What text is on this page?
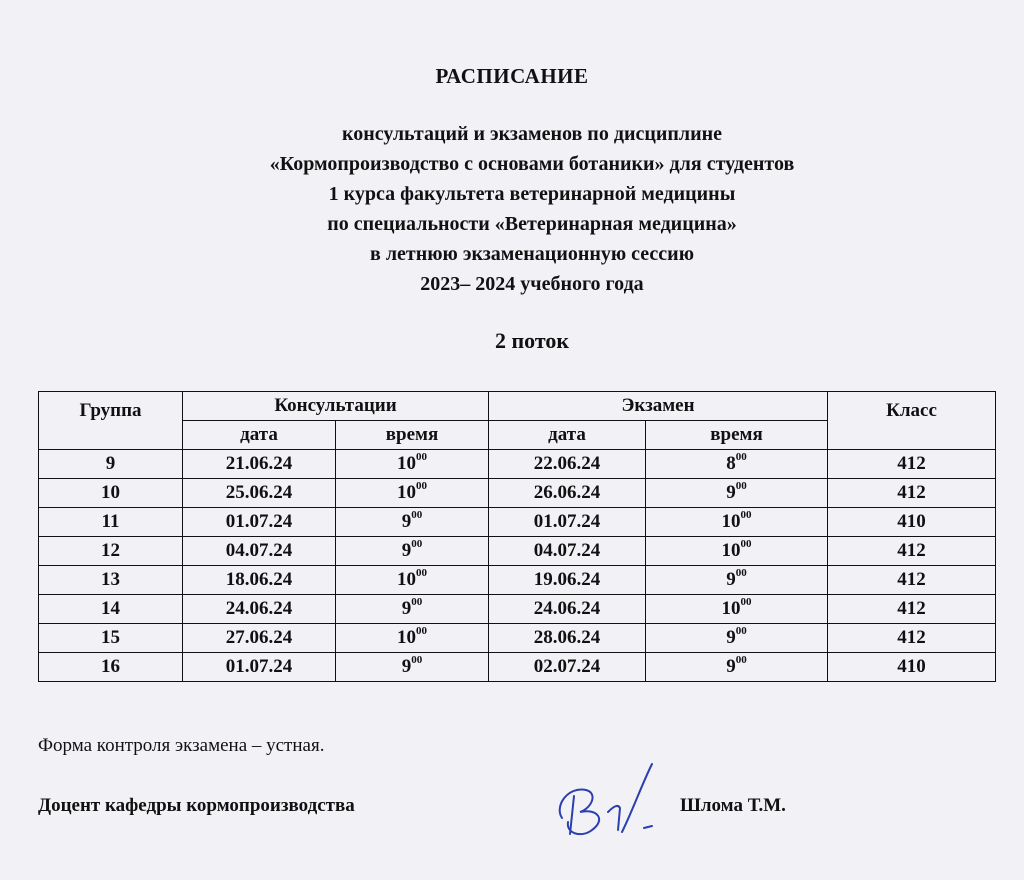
РАСПИСАНИЕ
консультаций и экзаменов по дисциплине
«Кормопроизводство с основами ботаники» для студентов
1 курса факультета ветеринарной медицины
по специальности «Ветеринарная медицина»
в летнюю экзаменационную сессию
2023– 2024 учебного года
2 поток
Группа	Консультации		Экзамен		Класс
	дата	время	дата	время	
9	21.06.24	$10^{00}$	22.06.24	$8^{00}$	412
10	25.06.24	$10^{00}$	26.06.24	$9^{00}$	412
11	01.07.24	$9^{00}$	01.07.24	$10^{00}$	410
12	04.07.24	$9^{00}$	04.07.24	$10^{00}$	412
13	18.06.24	$10^{00}$	19.06.24	$9^{00}$	412
14	24.06.24	$9^{00}$	24.06.24	$10^{00}$	412
15	27.06.24	$10^{00}$	28.06.24	$9^{00}$	412
16	01.07.24	$9^{00}$	02.07.24	$9^{00}$	410
Форма контроля экзамена – устная.
Доцент кафедры кормопроизводства	Шлома Т.М.
